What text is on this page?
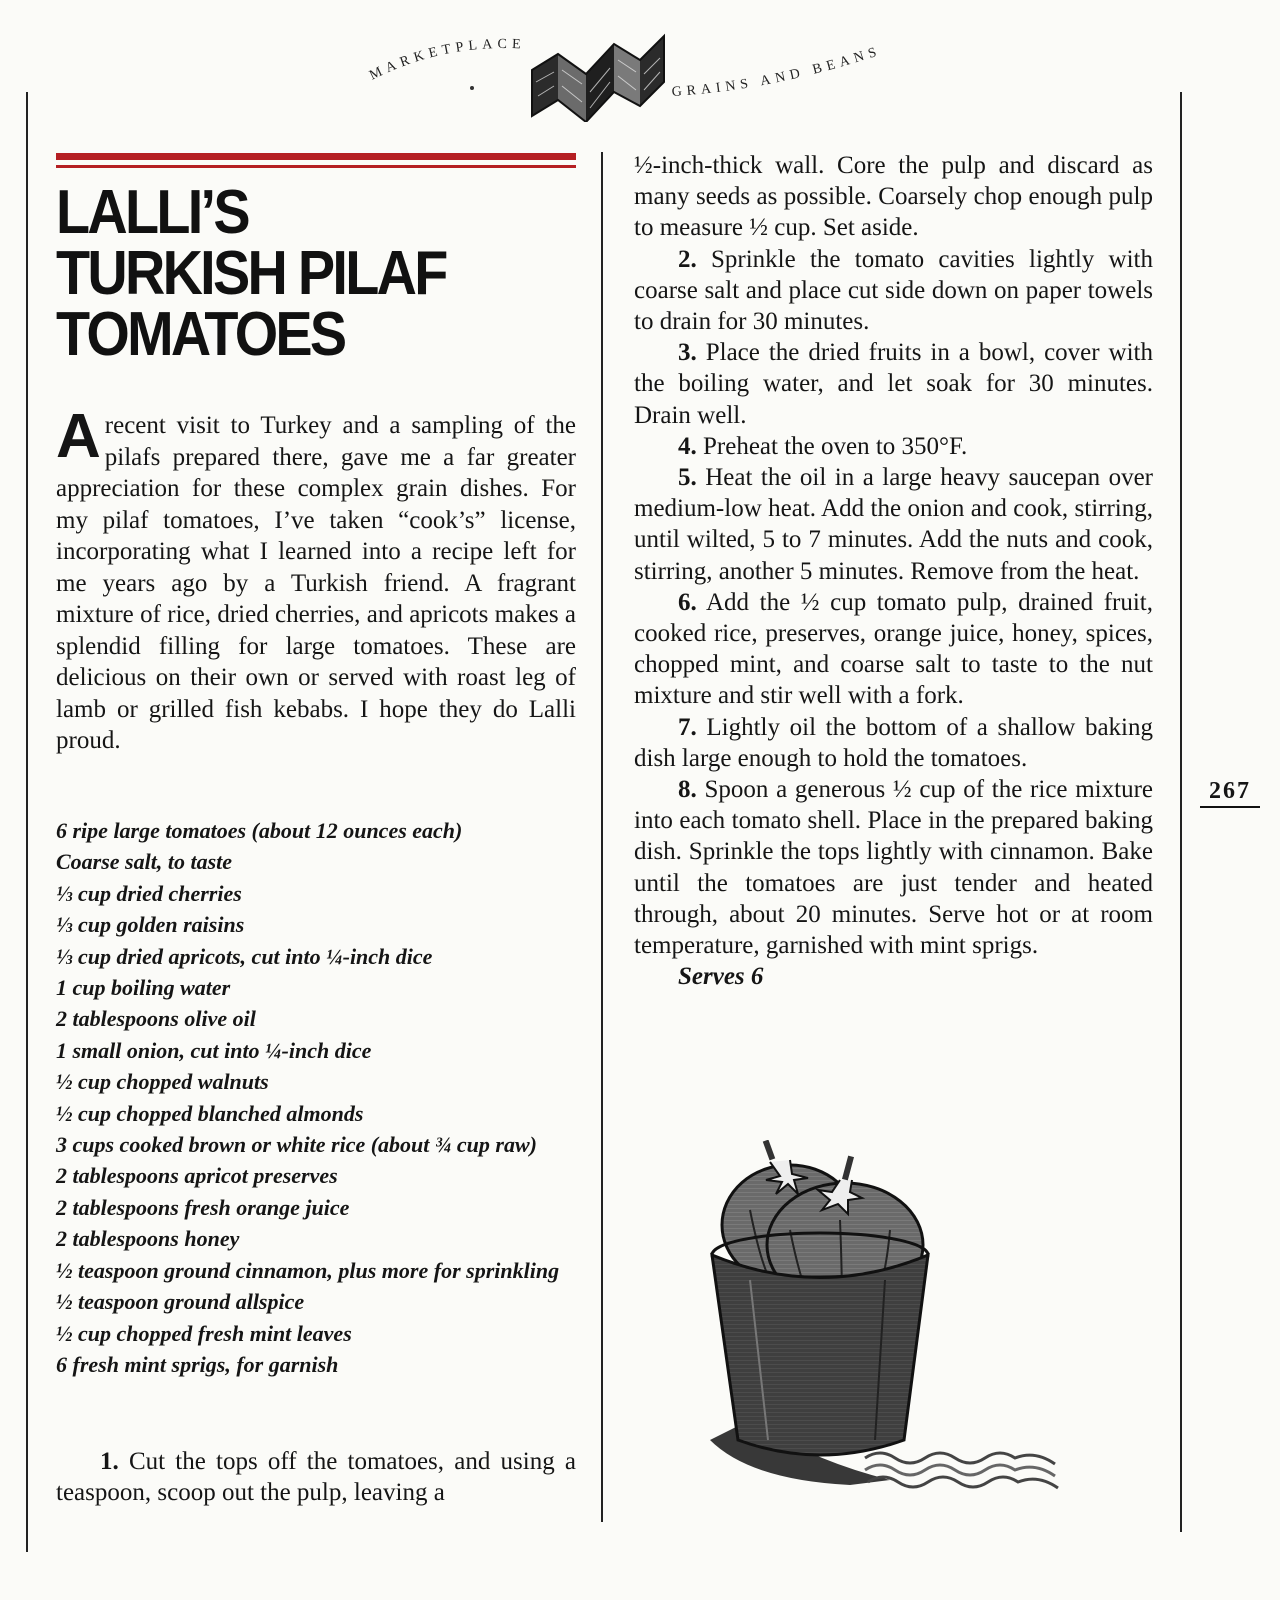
MARKETPLACE
GRAINS AND BEANS
LALLI’S
TURKISH PILAF
TOMATOES

A recent visit to Turkey and a sampling of the pilafs prepared there, gave me a far greater appreciation for these complex grain dishes. For my pilaf tomatoes, I’ve taken “cook’s” license, incorporating what I learned into a recipe left for me years ago by a Turkish friend. A fragrant mixture of rice, dried cherries, and apricots makes a splendid filling for large tomatoes. These are delicious on their own or served with roast leg of lamb or grilled fish kebabs. I hope they do Lalli proud.

6 ripe large tomatoes (about 12 ounces each)
Coarse salt, to taste
⅓ cup dried cherries
⅓ cup golden raisins
⅓ cup dried apricots, cut into ¼-inch dice
1 cup boiling water
2 tablespoons olive oil
1 small onion, cut into ¼-inch dice
½ cup chopped walnuts
½ cup chopped blanched almonds
3 cups cooked brown or white rice (about ¾ cup raw)
2 tablespoons apricot preserves
2 tablespoons fresh orange juice
2 tablespoons honey
½ teaspoon ground cinnamon, plus more for sprinkling
½ teaspoon ground allspice
½ cup chopped fresh mint leaves
6 fresh mint sprigs, for garnish

1. Cut the tops off the tomatoes, and using a teaspoon, scoop out the pulp, leaving a

½-inch-thick wall. Core the pulp and discard as many seeds as possible. Coarsely chop enough pulp to measure ½ cup. Set aside.

2. Sprinkle the tomato cavities lightly with coarse salt and place cut side down on paper towels to drain for 30 minutes.

3. Place the dried fruits in a bowl, cover with the boiling water, and let soak for 30 minutes. Drain well.

4. Preheat the oven to 350°F.

5. Heat the oil in a large heavy saucepan over medium-low heat. Add the onion and cook, stirring, until wilted, 5 to 7 minutes. Add the nuts and cook, stirring, another 5 minutes. Remove from the heat.

6. Add the ½ cup tomato pulp, drained fruit, cooked rice, preserves, orange juice, honey, spices, chopped mint, and coarse salt to taste to the nut mixture and stir well with a fork.

7. Lightly oil the bottom of a shallow baking dish large enough to hold the tomatoes.

8. Spoon a generous ½ cup of the rice mixture into each tomato shell. Place in the prepared baking dish. Sprinkle the tops lightly with cinnamon. Bake until the tomatoes are just tender and heated through, about 20 minutes. Serve hot or at room temperature, garnished with mint sprigs.

Serves 6

267
